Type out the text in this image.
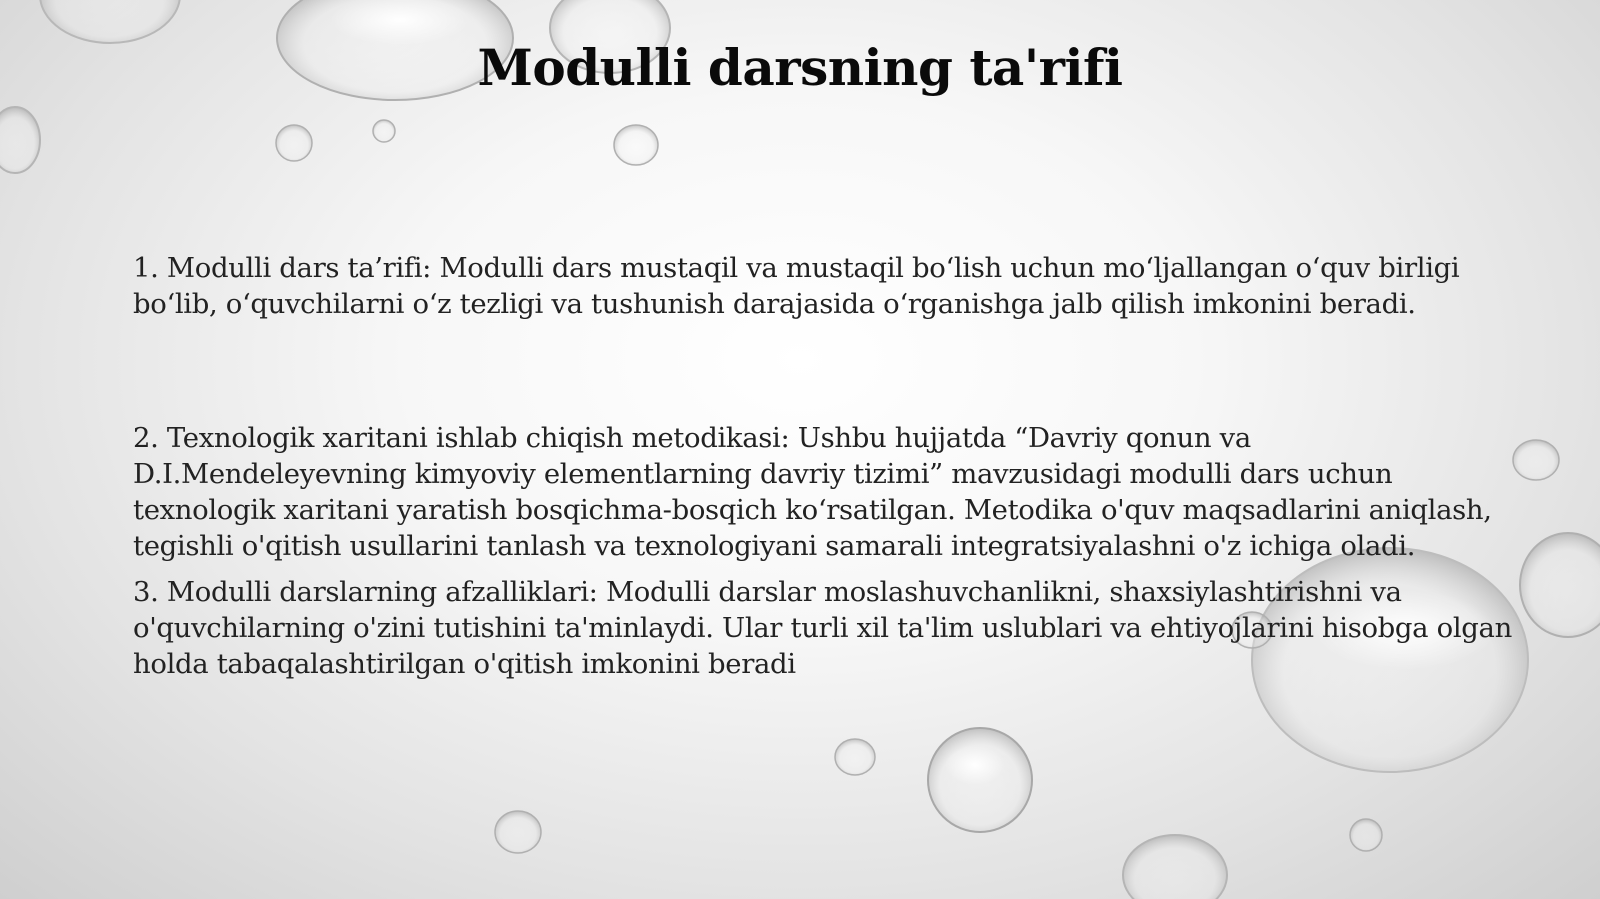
Modulli darsning ta'rifi

1. Modulli dars ta’rifi: Modulli dars mustaqil va mustaqil bo‘lish uchun mo‘ljallangan o‘quv birligi bo‘lib, o‘quvchilarni o‘z tezligi va tushunish darajasida o‘rganishga jalb qilish imkonini beradi.

2. Texnologik xaritani ishlab chiqish metodikasi: Ushbu hujjatda “Davriy qonun va D.I.Mendeleyevning kimyoviy elementlarning davriy tizimi” mavzusidagi modulli dars uchun texnologik xaritani yaratish bosqichma-bosqich ko‘rsatilgan. Metodika o'quv maqsadlarini aniqlash, tegishli o'qitish usullarini tanlash va texnologiyani samarali integratsiyalashni o'z ichiga oladi.

3. Modulli darslarning afzalliklari: Modulli darslar moslashuvchanlikni, shaxsiylashtirishni va o'quvchilarning o'zini tutishini ta'minlaydi. Ular turli xil ta'lim uslublari va ehtiyojlarini hisobga olgan holda tabaqalashtirilgan o'qitish imkonini beradi
